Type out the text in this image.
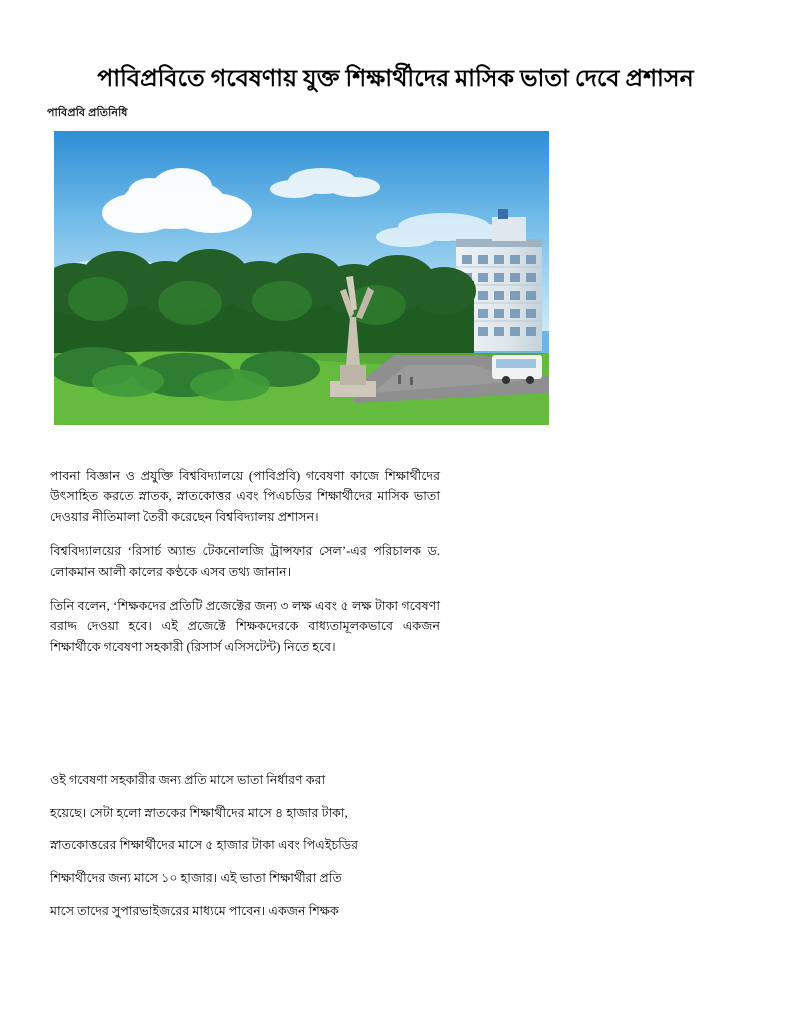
পাবিপ্রবিতে গবেষণায় যুক্ত শিক্ষার্থীদের মাসিক ভাতা দেবে প্রশাসন
পাবিপ্রবি প্রতিনিধি

পাবনা বিজ্ঞান ও প্রযুক্তি বিশ্ববিদ্যালয়ে (পাবিপ্রবি) গবেষণা কাজে শিক্ষার্থীদের উৎসাহিত করতে স্নাতক, স্নাতকোত্তর এবং পিএচডির শিক্ষার্থীদের মাসিক ভাতা দেওয়ার নীতিমালা তৈরী করেছেন বিশ্ববিদ্যালয় প্রশাসন।

বিশ্ববিদ্যালয়ের ‘রিসার্চ অ্যান্ড টেকনোলজি ট্রান্সফার সেল’-এর পরিচালক ড. লোকমান আলী কালের কণ্ঠকে এসব তথ্য জানান।

তিনি বলেন, ‘শিক্ষকদের প্রতিটি প্রজেক্টের জন্য ৩ লক্ষ এবং ৫ লক্ষ টাকা গবেষণা বরাদ্দ দেওয়া হবে। এই প্রজেক্টে শিক্ষকদেরকে বাধ্যতামূলকভাবে একজন শিক্ষার্থীকে গবেষণা সহকারী (রিসার্স এসিসটেন্ট) নিতে হবে।

ওই গবেষণা সহকারীর জন্য প্রতি মাসে ভাতা নির্ধারণ করা

হয়েছে। সেটা হলো স্নাতকের শিক্ষার্থীদের মাসে ৪ হাজার টাকা,

স্নাতকোত্তরের শিক্ষার্থীদের মাসে ৫ হাজার টাকা এবং পিএইচডির

শিক্ষার্থীদের জন্য মাসে ১০ হাজার। এই ভাতা শিক্ষার্থীরা প্রতি

মাসে তাদের সুপারভাইজরের মাধ্যমে পাবেন। একজন শিক্ষক
